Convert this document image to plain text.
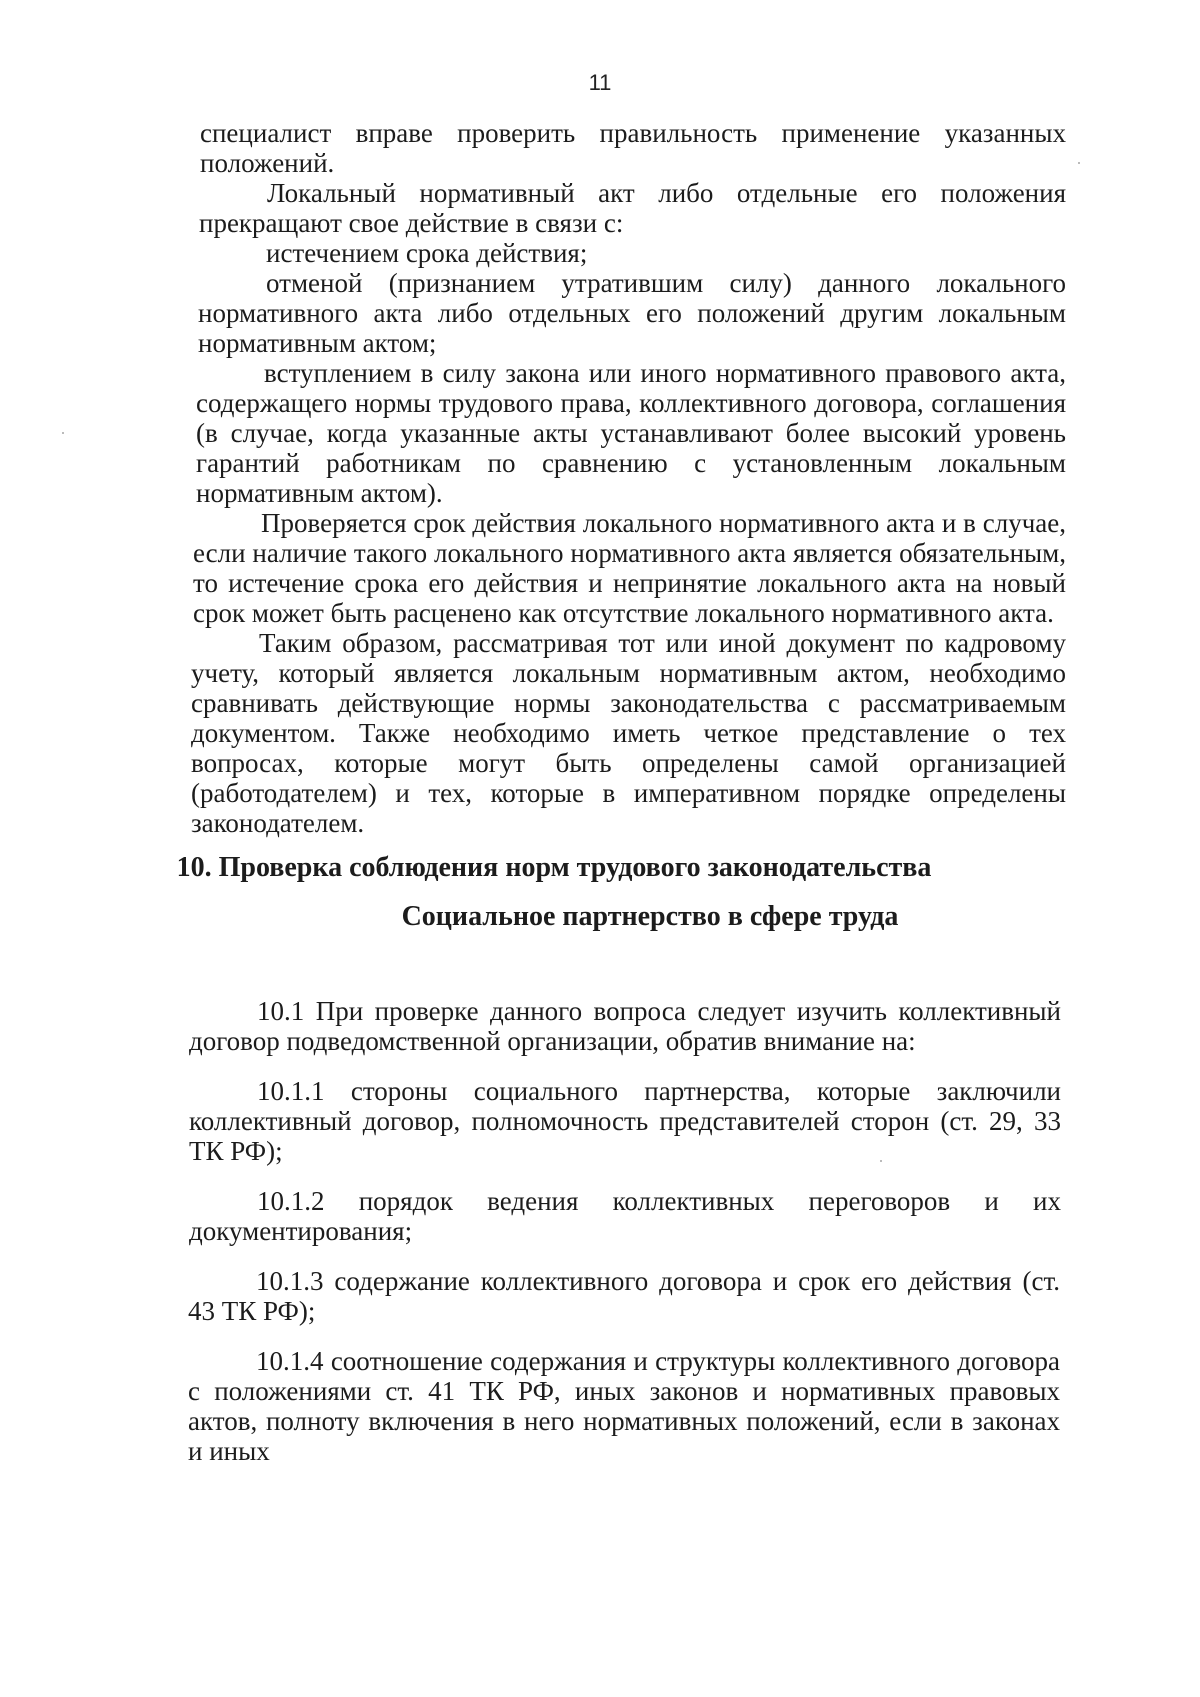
11

специалист вправе проверить правильность применение указанных положений.

Локальный нормативный акт либо отдельные его положения прекращают свое действие в связи с:

истечением срока действия;

отменой (признанием утратившим силу) данного локального нормативного акта либо отдельных его положений другим локальным нормативным актом;

вступлением в силу закона или иного нормативного правового акта, содержащего нормы трудового права, коллективного договора, соглашения (в случае, когда указанные акты устанавливают более высокий уровень гарантий работникам по сравнению с установленным локальным нормативным актом).

Проверяется срок действия локального нормативного акта и в случае, если наличие такого локального нормативного акта является обязательным, то истечение срока его действия и непринятие локального акта на новый срок может быть расценено как отсутствие локального нормативного акта.

Таким образом, рассматривая тот или иной документ по кадровому учету, который является локальным нормативным актом, необходимо сравнивать действующие нормы законодательства с рассматриваемым документом. Также необходимо иметь четкое представление о тех вопросах, которые могут быть определены самой организацией (работодателем) и тех, которые в императивном порядке определены законодателем.

10. Проверка соблюдения норм трудового законодательства
Социальное партнерство в сфере труда

10.1 При проверке данного вопроса следует изучить коллективный договор подведомственной организации, обратив внимание на:

10.1.1 стороны социального партнерства, которые заключили коллективный договор, полномочность представителей сторон (ст. 29, 33 ТК РФ);

10.1.2 порядок ведения коллективных переговоров и их документирования;

10.1.3 содержание коллективного договора и срок его действия (ст. 43 ТК РФ);

10.1.4 соотношение содержания и структуры коллективного договора с положениями ст. 41 ТК РФ, иных законов и нормативных правовых актов, полноту включения в него нормативных положений, если в законах и иных
